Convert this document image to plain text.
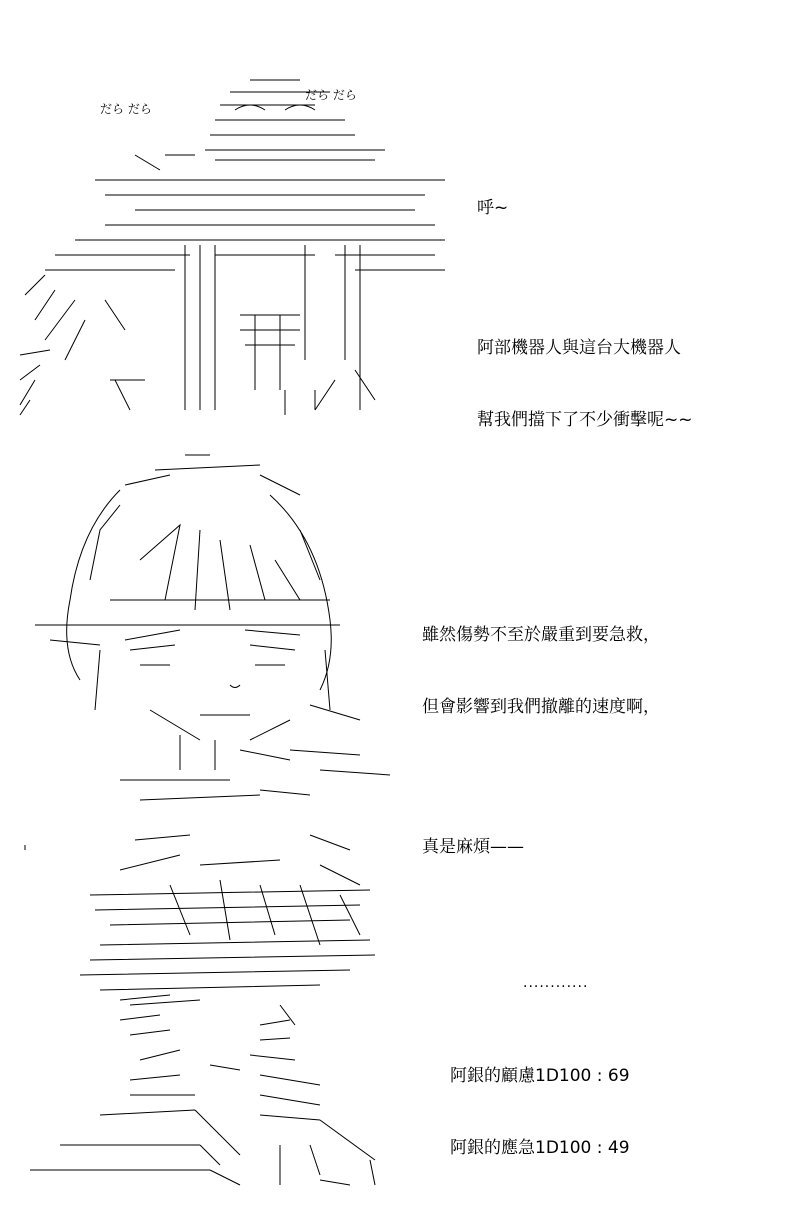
だら だら
だら だら

呼~

阿部機器人與這台大機器人

幫我們擋下了不少衝擊呢~~

雖然傷勢不至於嚴重到要急救，

但會影響到我們撤離的速度啊，

真是麻煩——

............

阿銀的顧慮1D100 : 69

阿銀的應急1D100 : 49
